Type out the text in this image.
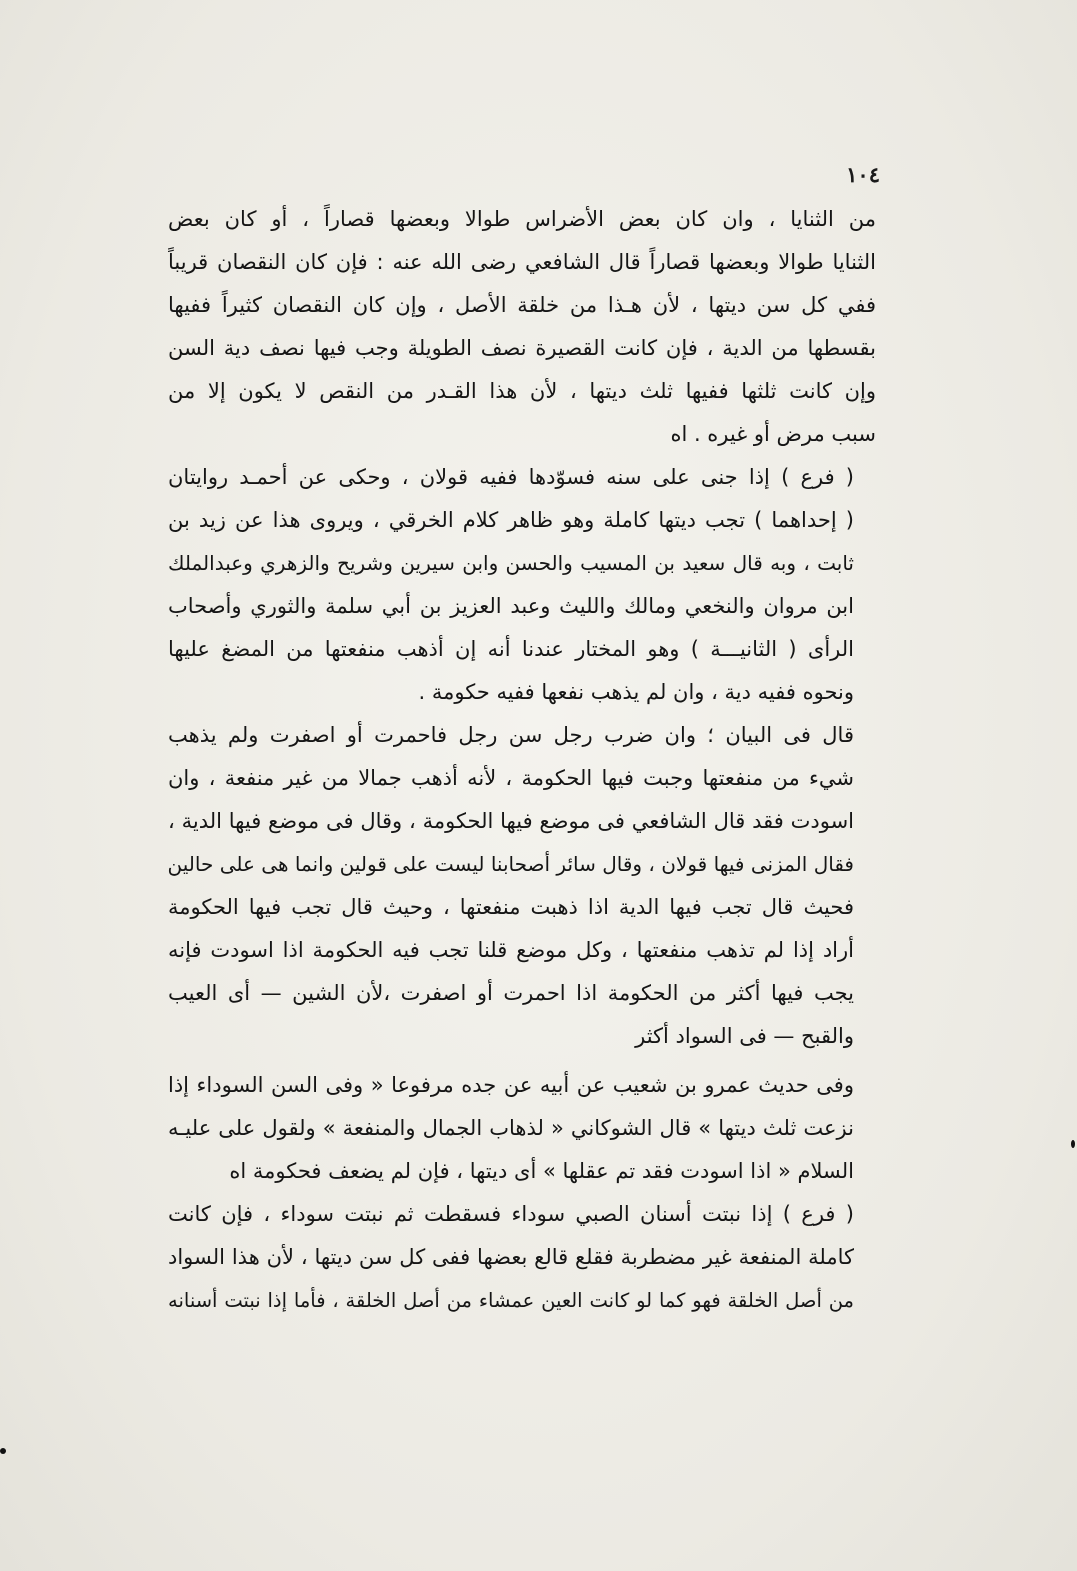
١٠٤
من الثنايا ، وان كان بعض الأضراس طوالا وبعضها قصاراً ، أو كان بعض
الثنايا طوالا وبعضها قصاراً قال الشافعي رضى الله عنه : فإن كان النقصان قريباً
ففي كل سن ديتها ، لأن هـذا من خلقة الأصل ، وإن كان النقصان كثيراً ففيها
بقسطها من الدية ، فإن كانت القصيرة نصف الطويلة وجب فيها نصف دية السن
وإن كانت ثلثها ففيها ثلث ديتها ، لأن هذا القـدر من النقص لا يكون إلا من
سبب مرض أو غيره . اه
( فرع ) إذا جنى على سنه فسوّدها ففيه قولان ، وحكى عن أحمـد روايتان
( إحداهما ) تجب ديتها كاملة وهو ظاهر كلام الخرقي ، ويروى هذا عن زيد بن
ثابت ، وبه قال سعيد بن المسيب والحسن وابن سيرين وشريح والزهري وعبدالملك
ابن مروان والنخعي ومالك والليث وعبد العزيز بن أبي سلمة والثوري وأصحاب
الرأى ( الثانيـــة ) وهو المختار عندنا أنه إن أذهب منفعتها من المضغ عليها
ونحوه ففيه دية ، وان لم يذهب نفعها ففيه حكومة .
قال فى البيان ؛ وان ضرب رجل سن رجل فاحمرت أو اصفرت ولم يذهب
شيء من منفعتها وجبت فيها الحكومة ، لأنه أذهب جمالا من غير منفعة ، وان
اسودت فقد قال الشافعي فى موضع فيها الحكومة ، وقال فى موضع فيها الدية ،
فقال المزنى فيها قولان ، وقال سائر أصحابنا ليست على قولين وانما هى على حالين
فحيث قال تجب فيها الدية اذا ذهبت منفعتها ، وحيث قال تجب فيها الحكومة
أراد إذا لم تذهب منفعتها ، وكل موضع قلنا تجب فيه الحكومة اذا اسودت فإنه
يجب فيها أكثر من الحكومة اذا احمرت أو اصفرت ،لأن الشين — أى العيب
والقبح — فى السواد أكثر
وفى حديث عمرو بن شعيب عن أبيه عن جده مرفوعا « وفى السن السوداء إذا
نزعت ثلث ديتها » قال الشوكاني « لذهاب الجمال والمنفعة » ولقول على عليـه
السلام « اذا اسودت فقد تم عقلها » أى ديتها ، فإن لم يضعف فحكومة اه
( فرع ) إذا نبتت أسنان الصبي سوداء فسقطت ثم نبتت سوداء ، فإن كانت
كاملة المنفعة غير مضطربة فقلع قالع بعضها ففى كل سن ديتها ، لأن هذا السواد
من أصل الخلقة فهو كما لو كانت العين عمشاء من أصل الخلقة ، فأما إذا نبتت أسنانه
